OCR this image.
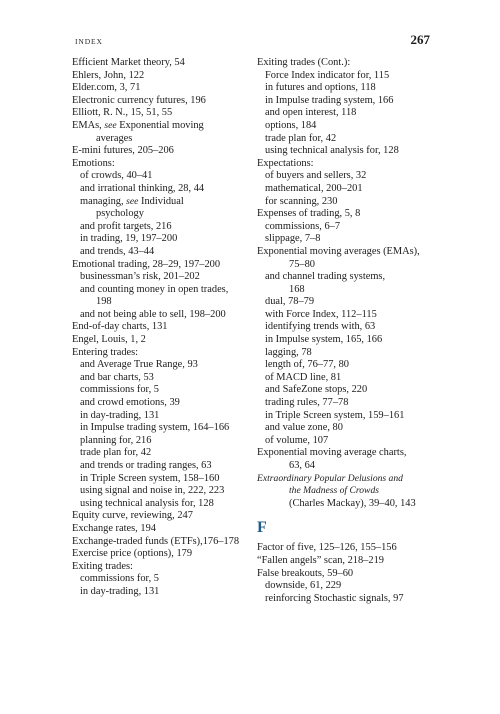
INDEX	267
Efficient Market theory, 54
Ehlers, John, 122
Elder.com, 3, 71
Electronic currency futures, 196
Elliott, R. N., 15, 51, 55
EMAs, see Exponential moving
averages
E-mini futures, 205–206
Emotions:
of crowds, 40–41
and irrational thinking, 28, 44
managing, see Individual
psychology
and profit targets, 216
in trading, 19, 197–200
and trends, 43–44
Emotional trading, 28–29, 197–200
businessman’s risk, 201–202
and counting money in open trades,
198
and not being able to sell, 198–200
End-of-day charts, 131
Engel, Louis, 1, 2
Entering trades:
and Average True Range, 93
and bar charts, 53
commissions for, 5
and crowd emotions, 39
in day-trading, 131
in Impulse trading system, 164–166
planning for, 216
trade plan for, 42
and trends or trading ranges, 63
in Triple Screen system, 158–160
using signal and noise in, 222, 223
using technical analysis for, 128
Equity curve, reviewing, 247
Exchange rates, 194
Exchange-traded funds (ETFs),176–178
Exercise price (options), 179
Exiting trades:
commissions for, 5
in day-trading, 131
Exiting trades (Cont.):
Force Index indicator for, 115
in futures and options, 118
in Impulse trading system, 166
and open interest, 118
options, 184
trade plan for, 42
using technical analysis for, 128
Expectations:
of buyers and sellers, 32
mathematical, 200–201
for scanning, 230
Expenses of trading, 5, 8
commissions, 6–7
slippage, 7–8
Exponential moving averages (EMAs),
75–80
and channel trading systems,
168
dual, 78–79
with Force Index, 112–115
identifying trends with, 63
in Impulse system, 165, 166
lagging, 78
length of, 76–77, 80
of MACD line, 81
and SafeZone stops, 220
trading rules, 77–78
in Triple Screen system, 159–161
and value zone, 80
of volume, 107
Exponential moving average charts,
63, 64
Extraordinary Popular Delusions and
the Madness of Crowds
(Charles Mackay), 39–40, 143
F
Factor of five, 125–126, 155–156
“Fallen angels” scan, 218–219
False breakouts, 59–60
downside, 61, 229
reinforcing Stochastic signals, 97
